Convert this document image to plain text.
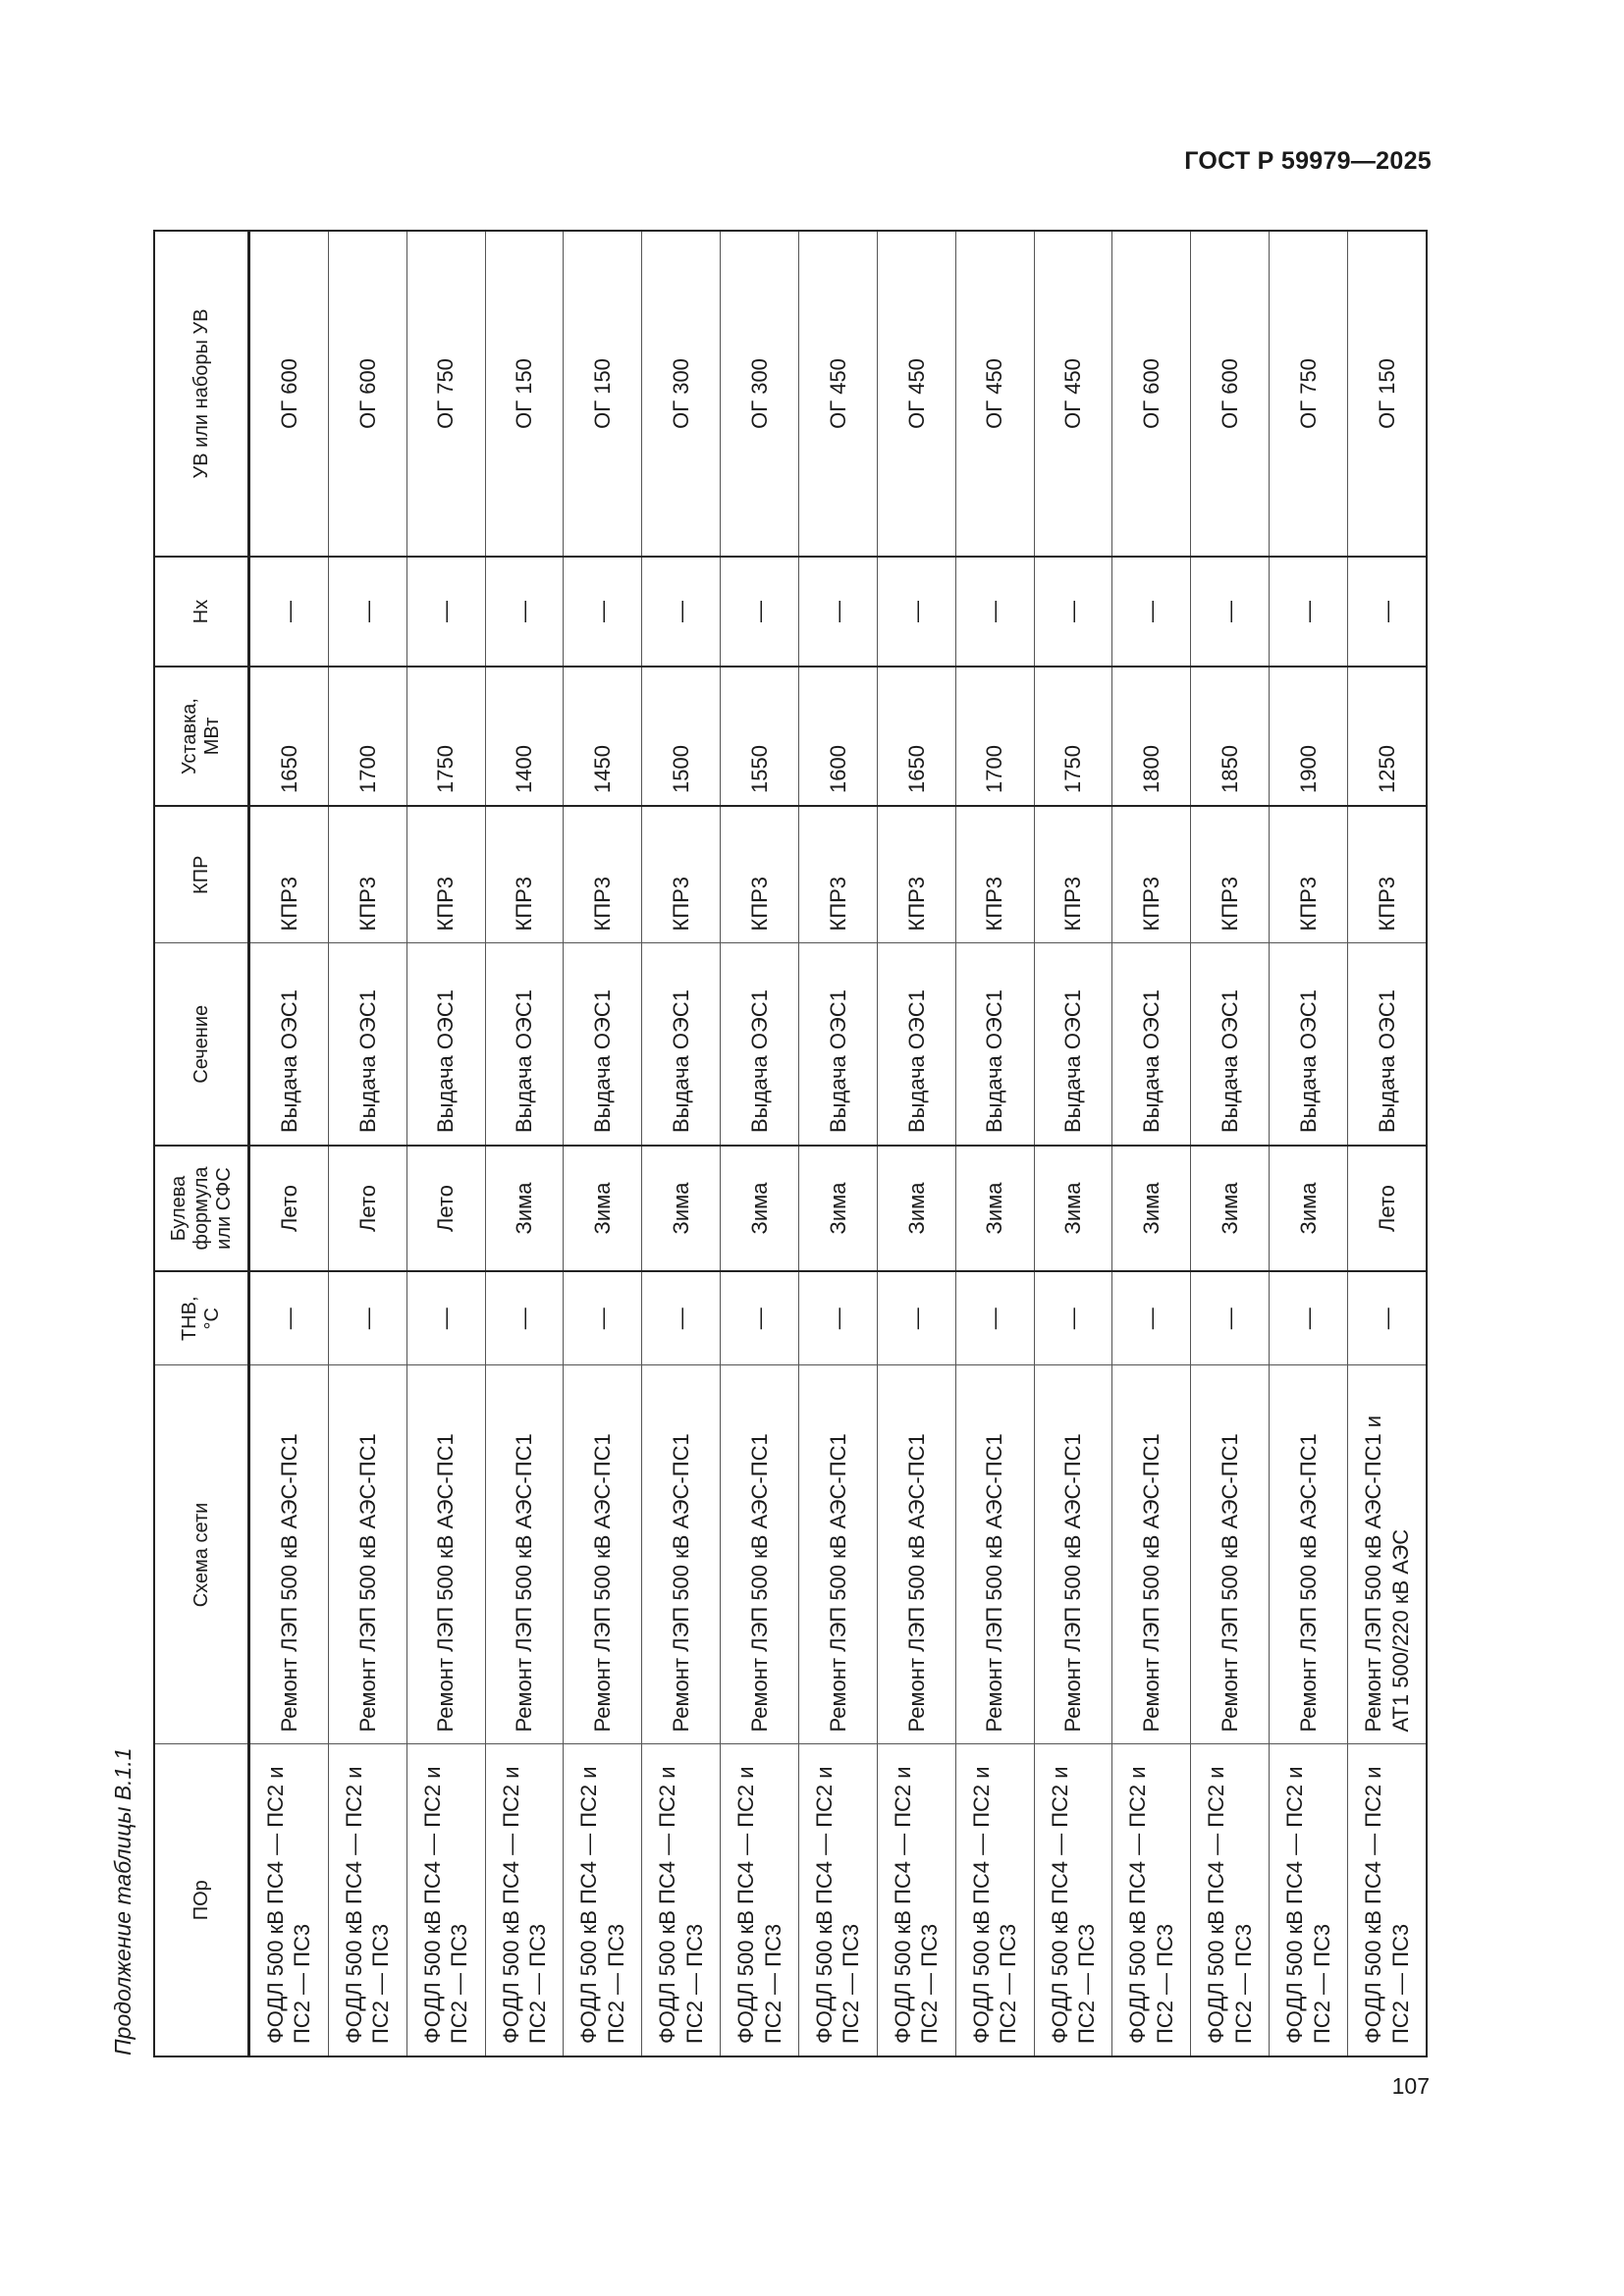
ГОСТ Р 59979—2025
Продолжение таблицы В.1.1	ПОр	Схема сети	ТНВ, °С	Булева формула или СФС	Сечение	КПР	Уставка, МВт	Нх	УВ или наборы УВ
ФОДЛ 500 кВ ПС4 — ПС2 и ПС2 — ПС3	Ремонт ЛЭП 500 кВ АЭС-ПС1	—	Лето	Выдача ОЭС1	КПР3	1650	—	ОГ 600
ФОДЛ 500 кВ ПС4 — ПС2 и ПС2 — ПС3	Ремонт ЛЭП 500 кВ АЭС-ПС1	—	Лето	Выдача ОЭС1	КПР3	1700	—	ОГ 600
ФОДЛ 500 кВ ПС4 — ПС2 и ПС2 — ПС3	Ремонт ЛЭП 500 кВ АЭС-ПС1	—	Лето	Выдача ОЭС1	КПР3	1750	—	ОГ 750
ФОДЛ 500 кВ ПС4 — ПС2 и ПС2 — ПС3	Ремонт ЛЭП 500 кВ АЭС-ПС1	—	Зима	Выдача ОЭС1	КПР3	1400	—	ОГ 150
ФОДЛ 500 кВ ПС4 — ПС2 и ПС2 — ПС3	Ремонт ЛЭП 500 кВ АЭС-ПС1	—	Зима	Выдача ОЭС1	КПР3	1450	—	ОГ 150
ФОДЛ 500 кВ ПС4 — ПС2 и ПС2 — ПС3	Ремонт ЛЭП 500 кВ АЭС-ПС1	—	Зима	Выдача ОЭС1	КПР3	1500	—	ОГ 300
ФОДЛ 500 кВ ПС4 — ПС2 и ПС2 — ПС3	Ремонт ЛЭП 500 кВ АЭС-ПС1	—	Зима	Выдача ОЭС1	КПР3	1550	—	ОГ 300
ФОДЛ 500 кВ ПС4 — ПС2 и ПС2 — ПС3	Ремонт ЛЭП 500 кВ АЭС-ПС1	—	Зима	Выдача ОЭС1	КПР3	1600	—	ОГ 450
ФОДЛ 500 кВ ПС4 — ПС2 и ПС2 — ПС3	Ремонт ЛЭП 500 кВ АЭС-ПС1	—	Зима	Выдача ОЭС1	КПР3	1650	—	ОГ 450
ФОДЛ 500 кВ ПС4 — ПС2 и ПС2 — ПС3	Ремонт ЛЭП 500 кВ АЭС-ПС1	—	Зима	Выдача ОЭС1	КПР3	1700	—	ОГ 450
ФОДЛ 500 кВ ПС4 — ПС2 и ПС2 — ПС3	Ремонт ЛЭП 500 кВ АЭС-ПС1	—	Зима	Выдача ОЭС1	КПР3	1750	—	ОГ 450
ФОДЛ 500 кВ ПС4 — ПС2 и ПС2 — ПС3	Ремонт ЛЭП 500 кВ АЭС-ПС1	—	Зима	Выдача ОЭС1	КПР3	1800	—	ОГ 600
ФОДЛ 500 кВ ПС4 — ПС2 и ПС2 — ПС3	Ремонт ЛЭП 500 кВ АЭС-ПС1	—	Зима	Выдача ОЭС1	КПР3	1850	—	ОГ 600
ФОДЛ 500 кВ ПС4 — ПС2 и ПС2 — ПС3	Ремонт ЛЭП 500 кВ АЭС-ПС1	—	Зима	Выдача ОЭС1	КПР3	1900	—	ОГ 750
ФОДЛ 500 кВ ПС4 — ПС2 и ПС2 — ПС3	Ремонт ЛЭП 500 кВ АЭС-ПС1 и АТ1 500/220 кВ АЭС	—	Лето	Выдача ОЭС1	КПР3	1250	—	ОГ 150
107
